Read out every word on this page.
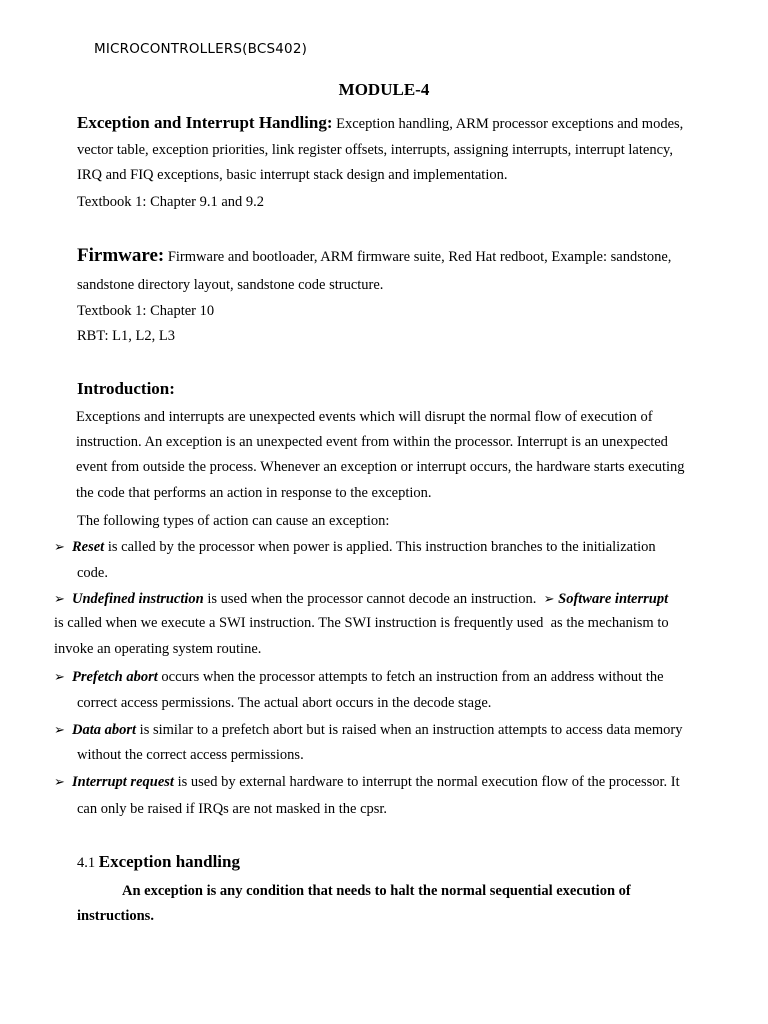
MICROCONTROLLERS(BCS402)
MODULE-4
Exception and Interrupt Handling: Exception handling, ARM processor exceptions and modes,
vector table, exception priorities, link register offsets, interrupts, assigning interrupts, interrupt latency,
IRQ and FIQ exceptions, basic interrupt stack design and implementation.
Textbook 1: Chapter 9.1 and 9.2
Firmware: Firmware and bootloader, ARM firmware suite, Red Hat redboot, Example: sandstone,
sandstone directory layout, sandstone code structure.
Textbook 1: Chapter 10
RBT: L1, L2, L3
Introduction:
Exceptions and interrupts are unexpected events which will disrupt the normal flow of execution of
instruction. An exception is an unexpected event from within the processor. Interrupt is an unexpected
event from outside the process. Whenever an exception or interrupt occurs, the hardware starts executing
the code that performs an action in response to the exception.
The following types of action can cause an exception:
➢ Reset is called by the processor when power is applied. This instruction branches to the initialization
code.
➢ Undefined instruction is used when the processor cannot decode an instruction.  ➢ Software interrupt
is called when we execute a SWI instruction. The SWI instruction is frequently used  as the mechanism to
invoke an operating system routine.
➢ Prefetch abort occurs when the processor attempts to fetch an instruction from an address without the
correct access permissions. The actual abort occurs in the decode stage.
➢ Data abort is similar to a prefetch abort but is raised when an instruction attempts to access data memory
without the correct access permissions.
➢ Interrupt request is used by external hardware to interrupt the normal execution flow of the processor. It
can only be raised if IRQs are not masked in the cpsr.
4.1 Exception handling
An exception is any condition that needs to halt the normal sequential execution of
instructions.
